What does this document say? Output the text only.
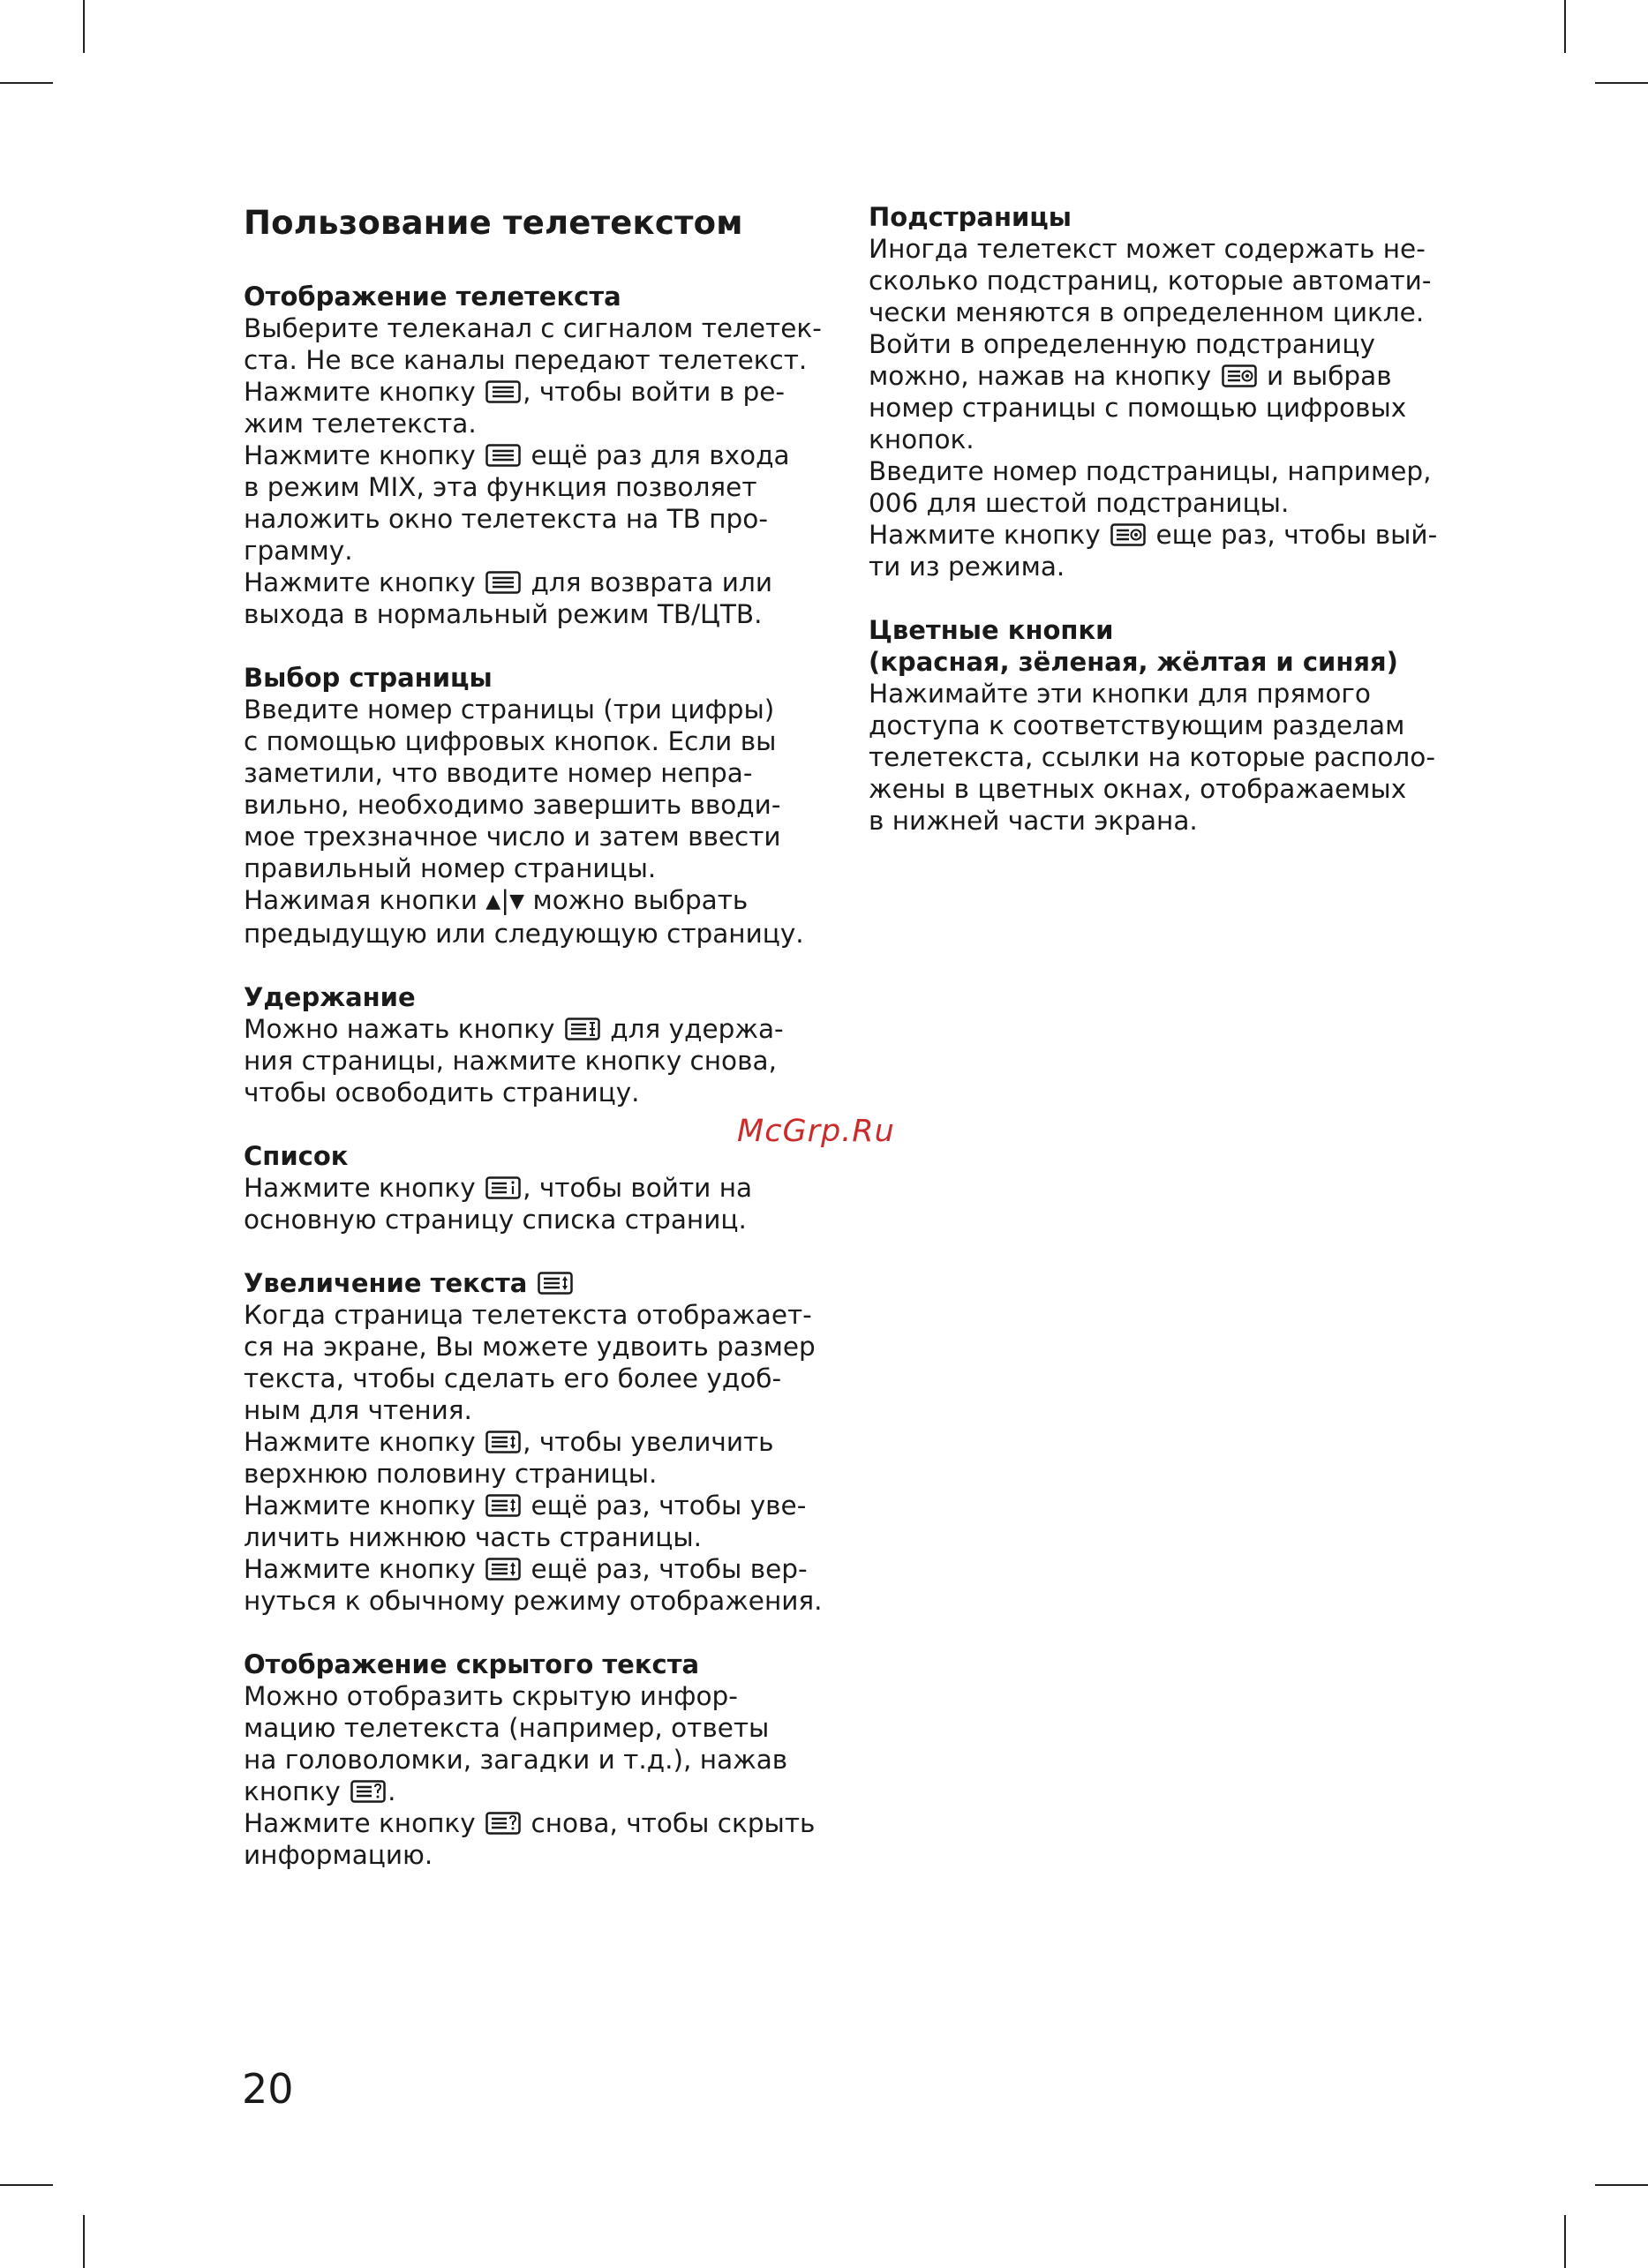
Пользование телетекстом
Отображение телетекста

Выберите телеканал с сигналом телетек-

ста. Не все каналы передают телетекст.

Нажмите кнопку , чтобы войти в ре-

жим телетекста.

Нажмите кнопку ещё раз для входа

в режим MIX, эта функция позволяет

наложить окно телетекста на ТВ про-

грамму.

Нажмите кнопку для возврата или

выхода в нормальный режим ТВ/ЦТВ.

Выбор страницы

Введите номер страницы (три цифры)

с помощью цифровых кнопок. Если вы

заметили, что вводите номер непра-

вильно, необходимо завершить вводи-

мое трехзначное число и затем ввести

правильный номер страницы.

Нажимая кнопки ▲|▼ можно выбрать

предыдущую или следующую страницу.

Удержание

Можно нажать кнопку для удержа-

ния страницы, нажмите кнопку снова,

чтобы освободить страницу.

Список

Нажмите кнопку , чтобы войти на

основную страницу списка страниц.

Увеличение текста

Когда страница телетекста отображает-

ся на экране, Вы можете удвоить размер

текста, чтобы сделать его более удоб-

ным для чтения.

Нажмите кнопку , чтобы увеличить

верхнюю половину страницы.

Нажмите кнопку ещё раз, чтобы уве-

личить нижнюю часть страницы.

Нажмите кнопку ещё раз, чтобы вер-

нуться к обычному режиму отображения.

Отображение скрытого текста

Можно отобразить скрытую инфор-

мацию телетекста (например, ответы

на головоломки, загадки и т.д.), нажав

кнопку .

Нажмите кнопку снова, чтобы скрыть

информацию.

Подстраницы

Иногда телетекст может содержать не-

сколько подстраниц, которые автомати-

чески меняются в определенном цикле.

Войти в определенную подстраницу

можно, нажав на кнопку и выбрав

номер страницы с помощью цифровых

кнопок.

Введите номер подстраницы, например,

006 для шестой подстраницы.

Нажмите кнопку еще раз, чтобы вый-

ти из режима.

Цветные кнопки
(красная, зёленая, жёлтая и синяя)

Нажимайте эти кнопки для прямого

доступа к соответствующим разделам

телетекста, ссылки на которые располо-

жены в цветных окнах, отображаемых

в нижней части экрана.

McGrp.Ru
20
